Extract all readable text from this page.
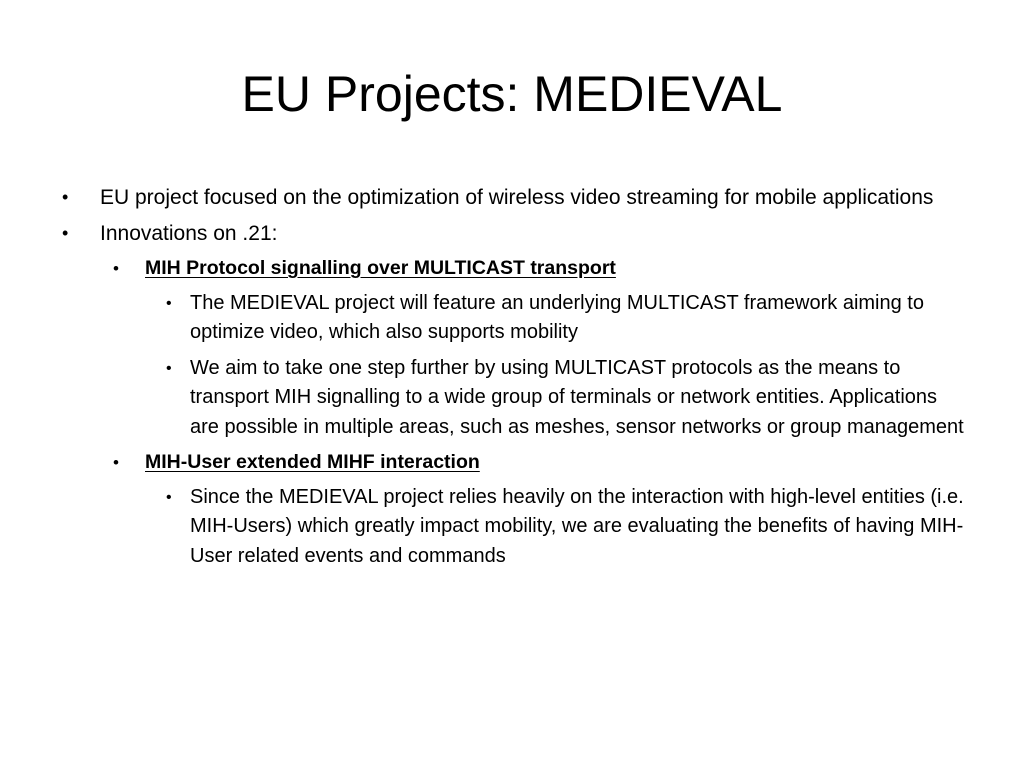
EU Projects: MEDIEVAL

• EU project focused on the optimization of wireless video streaming for mobile applications

• Innovations on .21:

• MIH Protocol signalling over MULTICAST transport

• The MEDIEVAL project will feature an underlying MULTICAST framework aiming to optimize video, which also supports mobility

• We aim to take one step further by using MULTICAST protocols as the means to transport MIH signalling to a wide group of terminals or network entities. Applications are possible in multiple areas, such as meshes, sensor networks or group management

• MIH-User extended MIHF interaction

• Since the MEDIEVAL project relies heavily on the interaction with high-level entities (i.e. MIH-Users) which greatly impact mobility, we are evaluating the benefits of having MIH-User related events and commands
